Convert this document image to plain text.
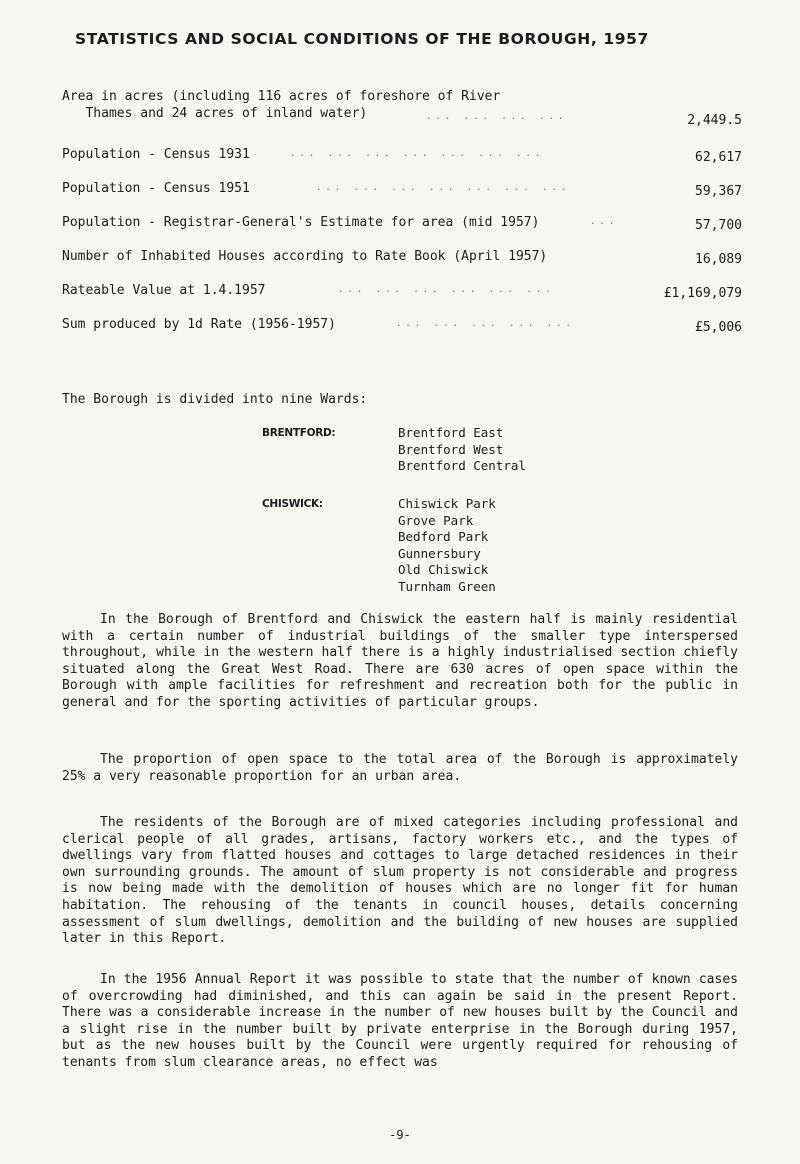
STATISTICS AND SOCIAL CONDITIONS OF THE BOROUGH, 1957
Area in acres (including 116 acres of foreshore of River
Thames and 24 acres of inland water)	... ... ... ...	2,449.5
Population - Census 1931	... ... ... ... ... ... ...	62,617
Population - Census 1951	... ... ... ... ... ... ...	59,367
Population - Registrar-General's Estimate for area (mid 1957)	...	57,700
Number of Inhabited Houses according to Rate Book (April 1957)	16,089
Rateable Value at 1.4.1957	... ... ... ... ... ...	£1,169,079
Sum produced by 1d Rate (1956-1957)	... ... ... ... ...	£5,006
The Borough is divided into nine Wards:
BRENTFORD:	Brentford East
Brentford West
Brentford Central
CHISWICK:	Chiswick Park
Grove Park
Bedford Park
Gunnersbury
Old Chiswick
Turnham Green

In the Borough of Brentford and Chiswick the eastern half is mainly residential with a certain number of industrial buildings of the smaller type interspersed throughout, while in the western half there is a highly industrialised section chiefly situated along the Great West Road. There are 630 acres of open space within the Borough with ample facilities for refreshment and recreation both for the public in general and for the sporting activities of particular groups.

The proportion of open space to the total area of the Borough is approximately 25% a very reasonable proportion for an urban area.

The residents of the Borough are of mixed categories including professional and clerical people of all grades, artisans, factory workers etc., and the types of dwellings vary from flatted houses and cottages to large detached residences in their own surrounding grounds. The amount of slum property is not considerable and progress is now being made with the demolition of houses which are no longer fit for human habitation. The rehousing of the tenants in council houses, details concerning assessment of slum dwellings, demolition and the building of new houses are supplied later in this Report.

In the 1956 Annual Report it was possible to state that the number of known cases of overcrowding had diminished, and this can again be said in the present Report. There was a considerable increase in the number of new houses built by the Council and a slight rise in the number built by private enterprise in the Borough during 1957, but as the new houses built by the Council were urgently required for rehousing of tenants from slum clearance areas, no effect was

-9-
